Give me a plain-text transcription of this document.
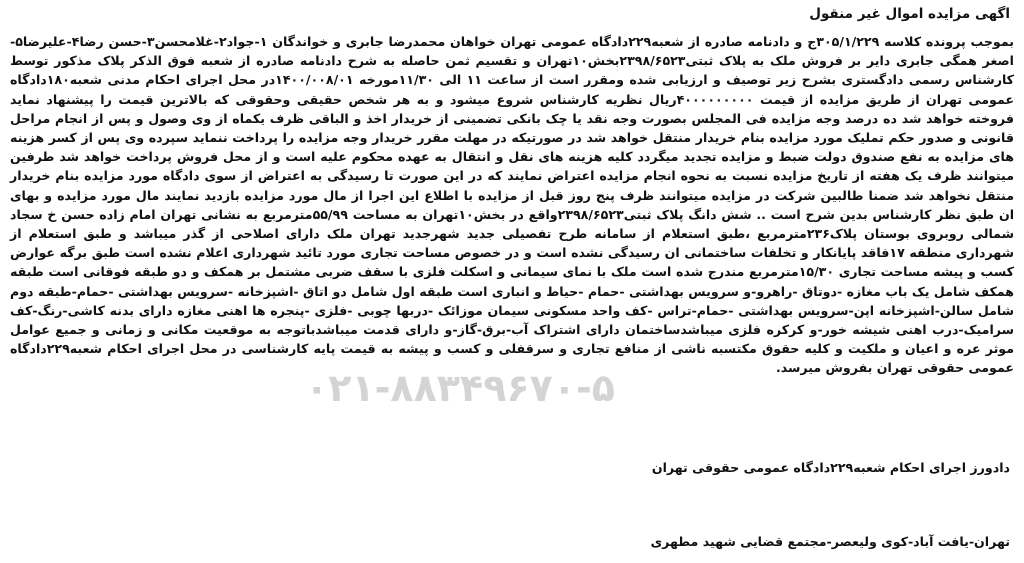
اگهی مزایده اموال غیر منقول
بموجب پرونده کلاسه ۳۰۵/۱/۲۲۹ج و دادنامه صادره از شعبه۲۲۹دادگاه عمومی تهران خواهان محمدرضا جابری و خواندگان ۱-جواد۲-غلامحسن۳-حسن رضا۴-علیرضا۵-اصغر همگی جابری دایر بر فروش ملک به پلاک ثبتی۲۳۹۸/۶۵۲۳بخش۱۰تهران و تقسیم ثمن حاصله به شرح دادنامه صادره از شعبه فوق الذکر پلاک مذکور توسط کارشناس رسمی دادگستری بشرح زیر توصیف و ارزیابی شده ومقرر است از ساعت ۱۱ الی ۱۱/۳۰مورخه ۱۴۰۰/۰۰۸/۰۱در محل اجرای احکام مدنی شعبه۱۸۰دادگاه عمومی تهران از طریق مزایده از قیمت ۴۰۰۰۰۰۰۰۰۰ریال نظریه کارشناس شروع میشود و به هر شخص حقیقی وحقوقی که بالاترین قیمت را پیشنهاد نماید فروخته خواهد شد ده درصد وجه مزایده فی المجلس بصورت وجه نقد یا چک بانکی تضمینی از خریدار اخذ و الباقی ظرف یکماه از وی وصول و پس از انجام مراحل قانونی و صدور حکم تملیک مورد مزایده بنام خریدار منتقل خواهد شد در صورتیکه در مهلت مقرر خریدار وجه مزایده را پرداخت ننماید سپرده وی پس از کسر هزینه های مزایده به نفع صندوق دولت ضبط و مزایده تجدید میگردد کلیه هزینه های نقل و انتقال به عهده محکوم علیه است و از محل فروش پرداخت خواهد شد طرفین میتوانند ظرف یک هفته از تاریخ مزایده نسبت به نحوه انجام مزایده اعتراض نمایند که در این صورت تا رسیدگی به اعتراض از سوی دادگاه مورد مزایده بنام خریدار منتقل نخواهد شد ضمنا طالبین شرکت در مزایده میتوانند ظرف پنج روز قبل از مزایده با اطلاع این اجرا از مال مورد مزایده بازدید نمایند مال مورد مزایده و بهای ان طبق نظر کارشناس بدین شرح است .. شش دانگ پلاک ثبتی۲۳۹۸/۶۵۲۳واقع در بخش۱۰تهران به مساحت ۵۵/۹۹مترمربع به نشانی تهران امام زاده حسن خ سجاد شمالی روبروی بوستان پلاک۲۳۶مترمربع ،طبق استعلام از سامانه طرح تفصیلی جدید شهرجدید تهران ملک دارای اصلاحی از گذر میباشد و طبق استعلام از شهرداری منطقه ۱۷فاقد پایانکار و تخلفات ساختمانی ان رسیدگی نشده است و در خصوص مساحت تجاری مورد تائید شهرداری اعلام نشده است طبق برگه عوارض کسب و پیشه مساحت تجاری ۱۵/۳۰مترمربع مندرج شده است ملک با نمای سیمانی و اسکلت فلزی با سقف ضربی مشتمل بر همکف و دو طبقه فوقانی است طبقه همکف شامل یک باب مغازه -دوتاق -راهرو-و سرویس بهداشتی -حمام -حیاط و انباری است طبقه اول شامل دو اتاق -اشپزخانه -سرویس بهداشتی -حمام-طبقه دوم شامل سالن-اشپزخانه اپن-سرویس بهداشتی -حمام-تراس -کف واحد مسکونی سیمان موزائک -دربها چوبی -فلزی -پنجره ها اهنی مغازه دارای بدنه کاشی-رنگ-کف سرامیک-درب اهنی شیشه خور-و کرکره فلزی میباشدساختمان دارای اشتراک آب-برق-گاز-و دارای قدمت میباشدباتوجه به موقعیت مکانی و زمانی و جمیع عوامل موثر عره و اعیان و ملکیت و کلیه حقوق مکتسبه ناشی از منافع تجاری و سرقفلی و کسب و پیشه به قیمت پایه کارشناسی در محل اجرای احکام شعبه۲۲۹دادگاه عمومی حقوقی تهران بفروش میرسد.
۰۲۱-۸۸۳۴۹۶۷۰-۵
دادورز اجرای احکام شعبه۲۲۹دادگاه عمومی حقوقی تهران
تهران-یافت آباد-کوی ولیعصر-مجتمع قضایی شهید مطهری
